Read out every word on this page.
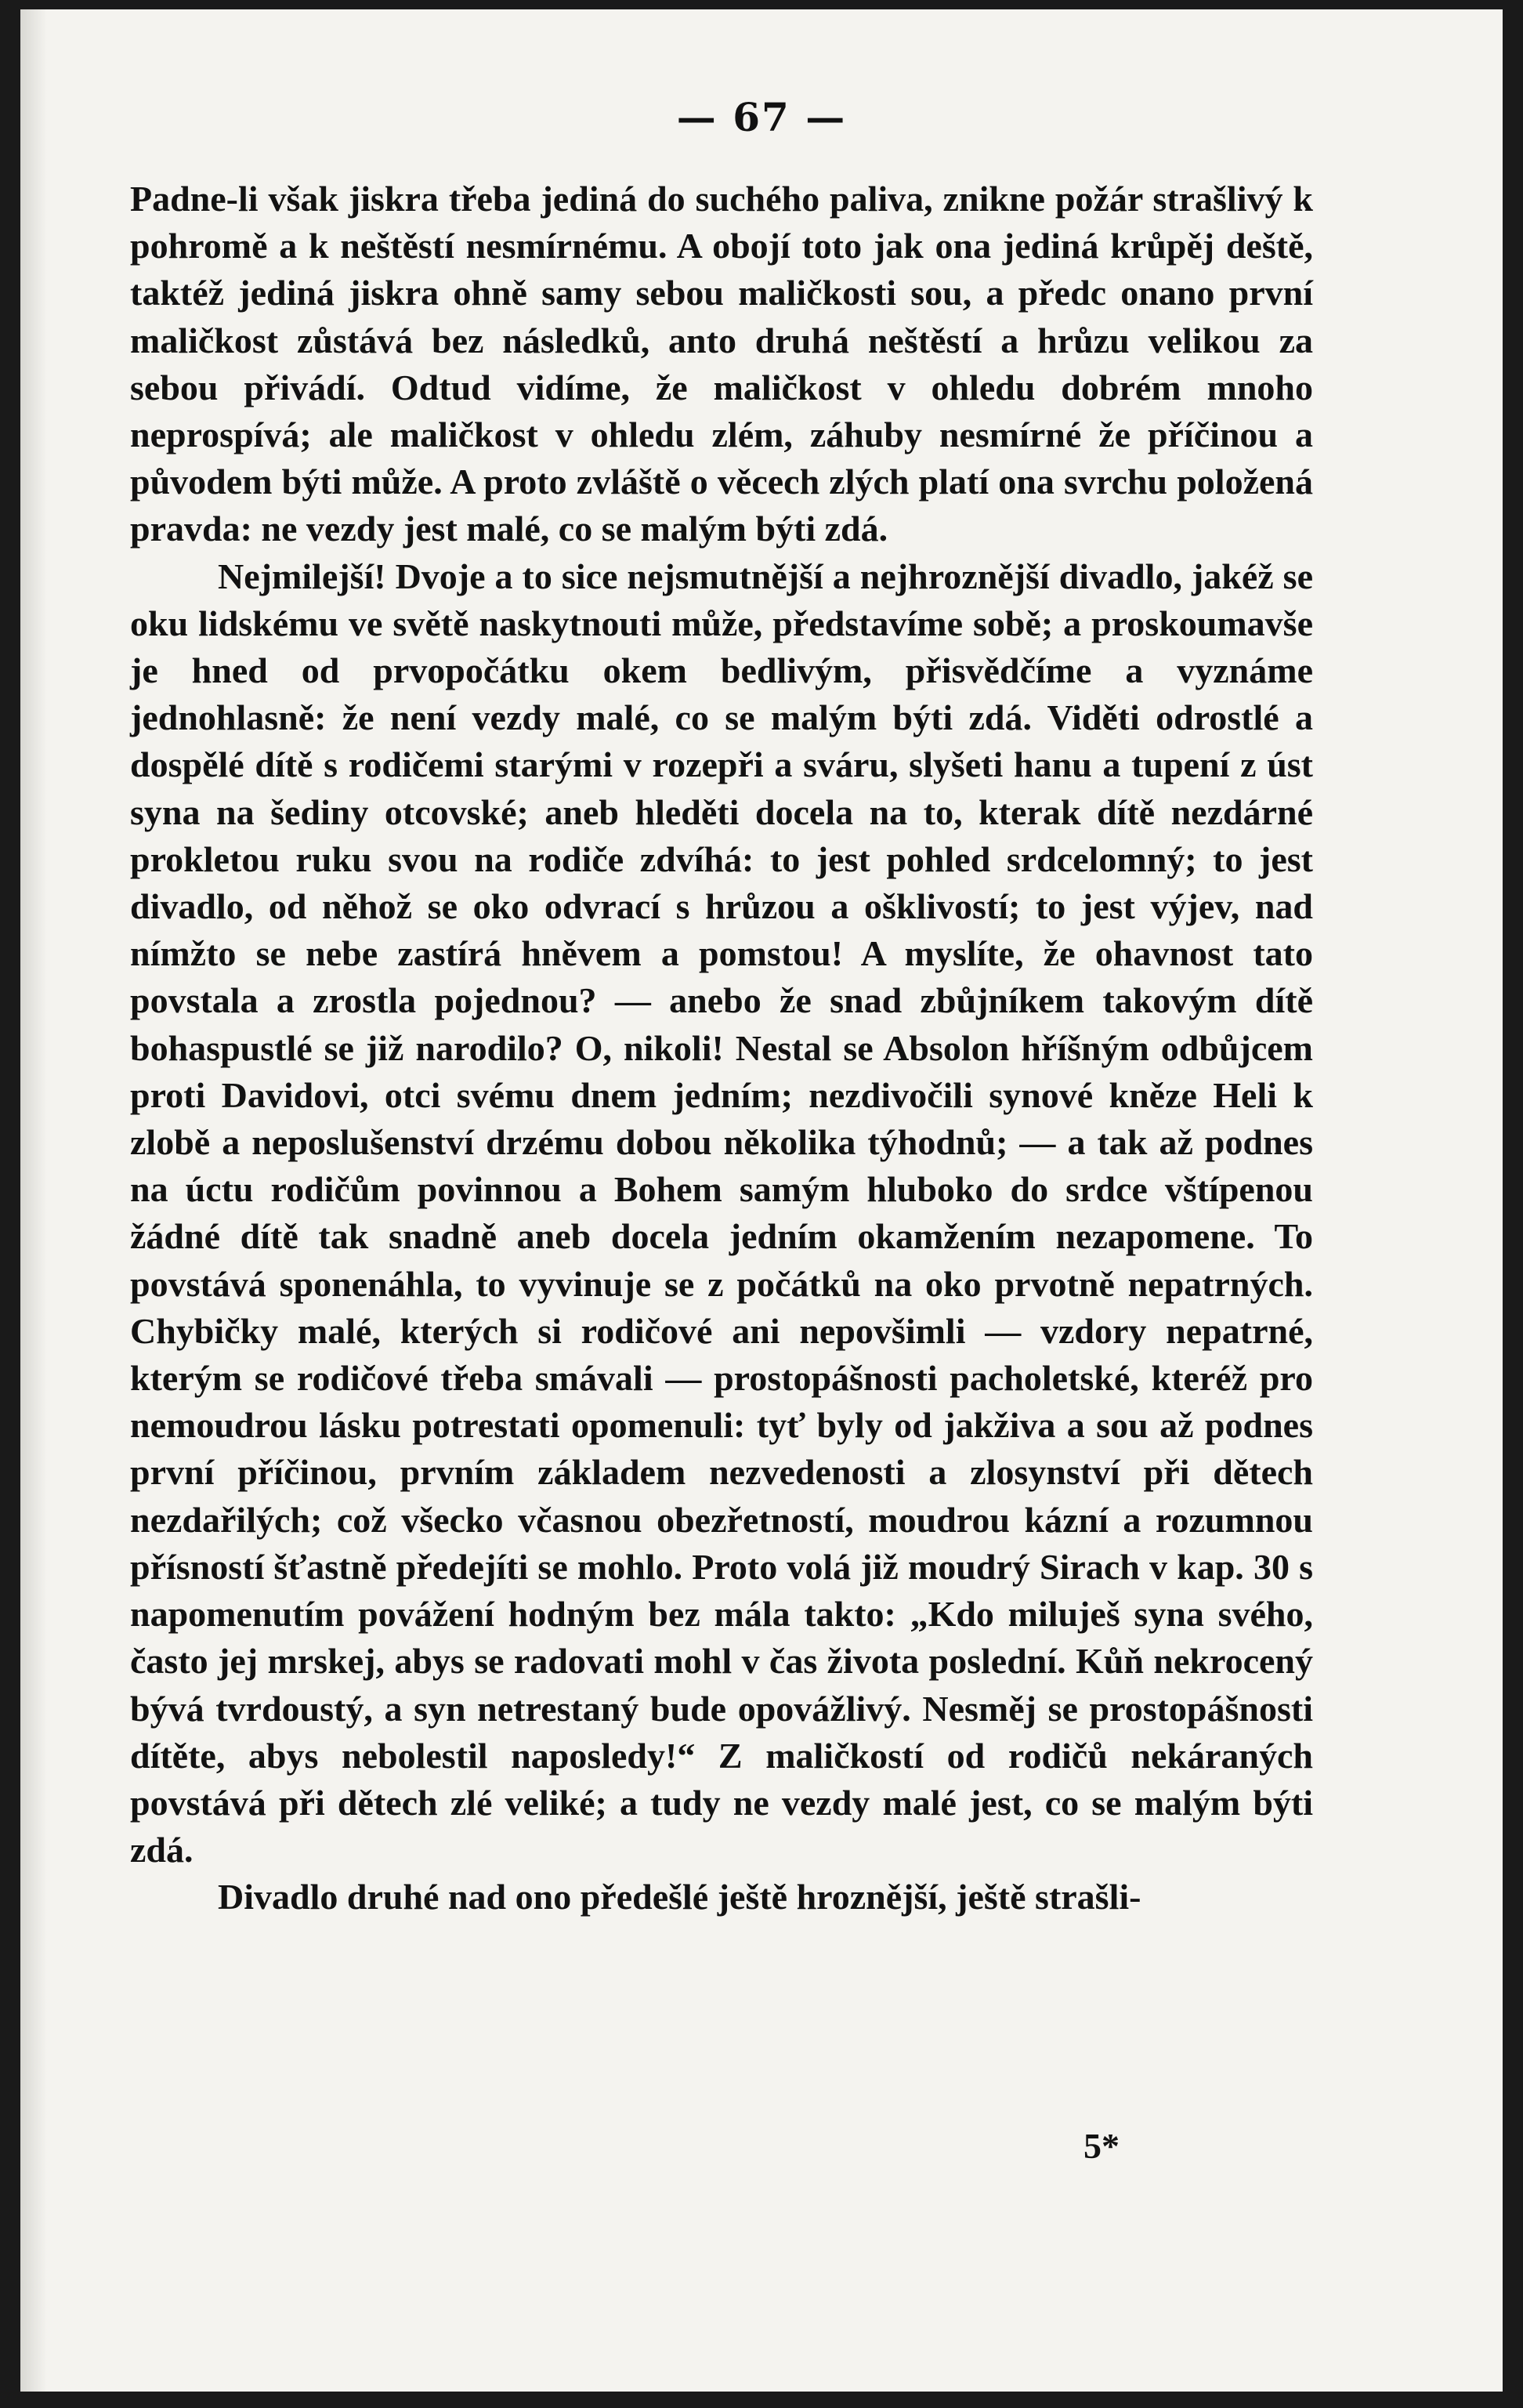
— 67 —

Padne-li však jiskra třeba jediná do suchého paliva, znikne požár strašlivý k pohromě a k neštěstí nesmírnému. A obojí toto jak ona jediná krůpěj deště, taktéž jediná jiskra ohně samy sebou maličkosti sou, a předc onano první maličkost zůstává bez následků, anto druhá neštěstí a hrůzu velikou za sebou přivádí. Odtud vidíme, že maličkost v ohledu dobrém mnoho neprospívá; ale maličkost v ohledu zlém, záhuby nesmírné že příčinou a původem býti může. A proto zvláště o věcech zlých platí ona svrchu položená pravda: ne vezdy jest malé, co se malým býti zdá.

Nejmilejší! Dvoje a to sice nejsmutnější a nejhroznější divadlo, jakéž se oku lidskému ve světě naskytnouti může, představíme sobě; a proskoumavše je hned od prvopočátku okem bedlivým, přisvědčíme a vyznáme jednohlasně: že není vezdy malé, co se malým býti zdá. Viděti odrostlé a dospělé dítě s rodičemi starými v rozepři a sváru, slyšeti hanu a tupení z úst syna na šediny otcovské; aneb hleděti docela na to, kterak dítě nezdárné prokletou ruku svou na rodiče zdvíhá: to jest pohled srdcelomný; to jest divadlo, od něhož se oko odvrací s hrůzou a ošklivostí; to jest výjev, nad nímžto se nebe zastírá hněvem a pomstou! A myslíte, že ohavnost tato povstala a zrostla pojednou? — anebo že snad zbůjníkem takovým dítě bohaspustlé se již narodilo? O, nikoli! Nestal se Absolon hříšným odbůjcem proti Davidovi, otci svému dnem jedním; nezdivočili synové kněze Heli k zlobě a neposlušenství drzému dobou několika týhodnů; — a tak až podnes na úctu rodičům povinnou a Bohem samým hluboko do srdce vštípenou žádné dítě tak snadně aneb docela jedním okamžením nezapomene. To povstává sponenáhla, to vyvinuje se z počátků na oko prvotně nepatrných. Chybičky malé, kterých si rodičové ani nepovšimli — vzdory nepatrné, kterým se rodičové třeba smávali — prostopášnosti pacholetské, kteréž pro nemoudrou lásku potrestati opomenuli: tyť byly od jakživa a sou až podnes první příčinou, prvním základem nezvedenosti a zlosynství při dětech nezdařilých; což všecko včasnou obezřetností, moudrou kázní a rozumnou přísností šťastně předejíti se mohlo. Proto volá již moudrý Sirach v kap. 30 s napomenutím povážení hodným bez mála takto: „Kdo miluješ syna svého, často jej mrskej, abys se radovati mohl v čas života poslední. Kůň nekrocený bývá tvrdoustý, a syn netrestaný bude opovážlivý. Nesměj se prostopášnosti dítěte, abys nebolestil naposledy!“ Z maličkostí od rodičů nekáraných povstává při dětech zlé veliké; a tudy ne vezdy malé jest, co se malým býti zdá.

Divadlo druhé nad ono předešlé ještě hroznější, ještě strašli-

5*
